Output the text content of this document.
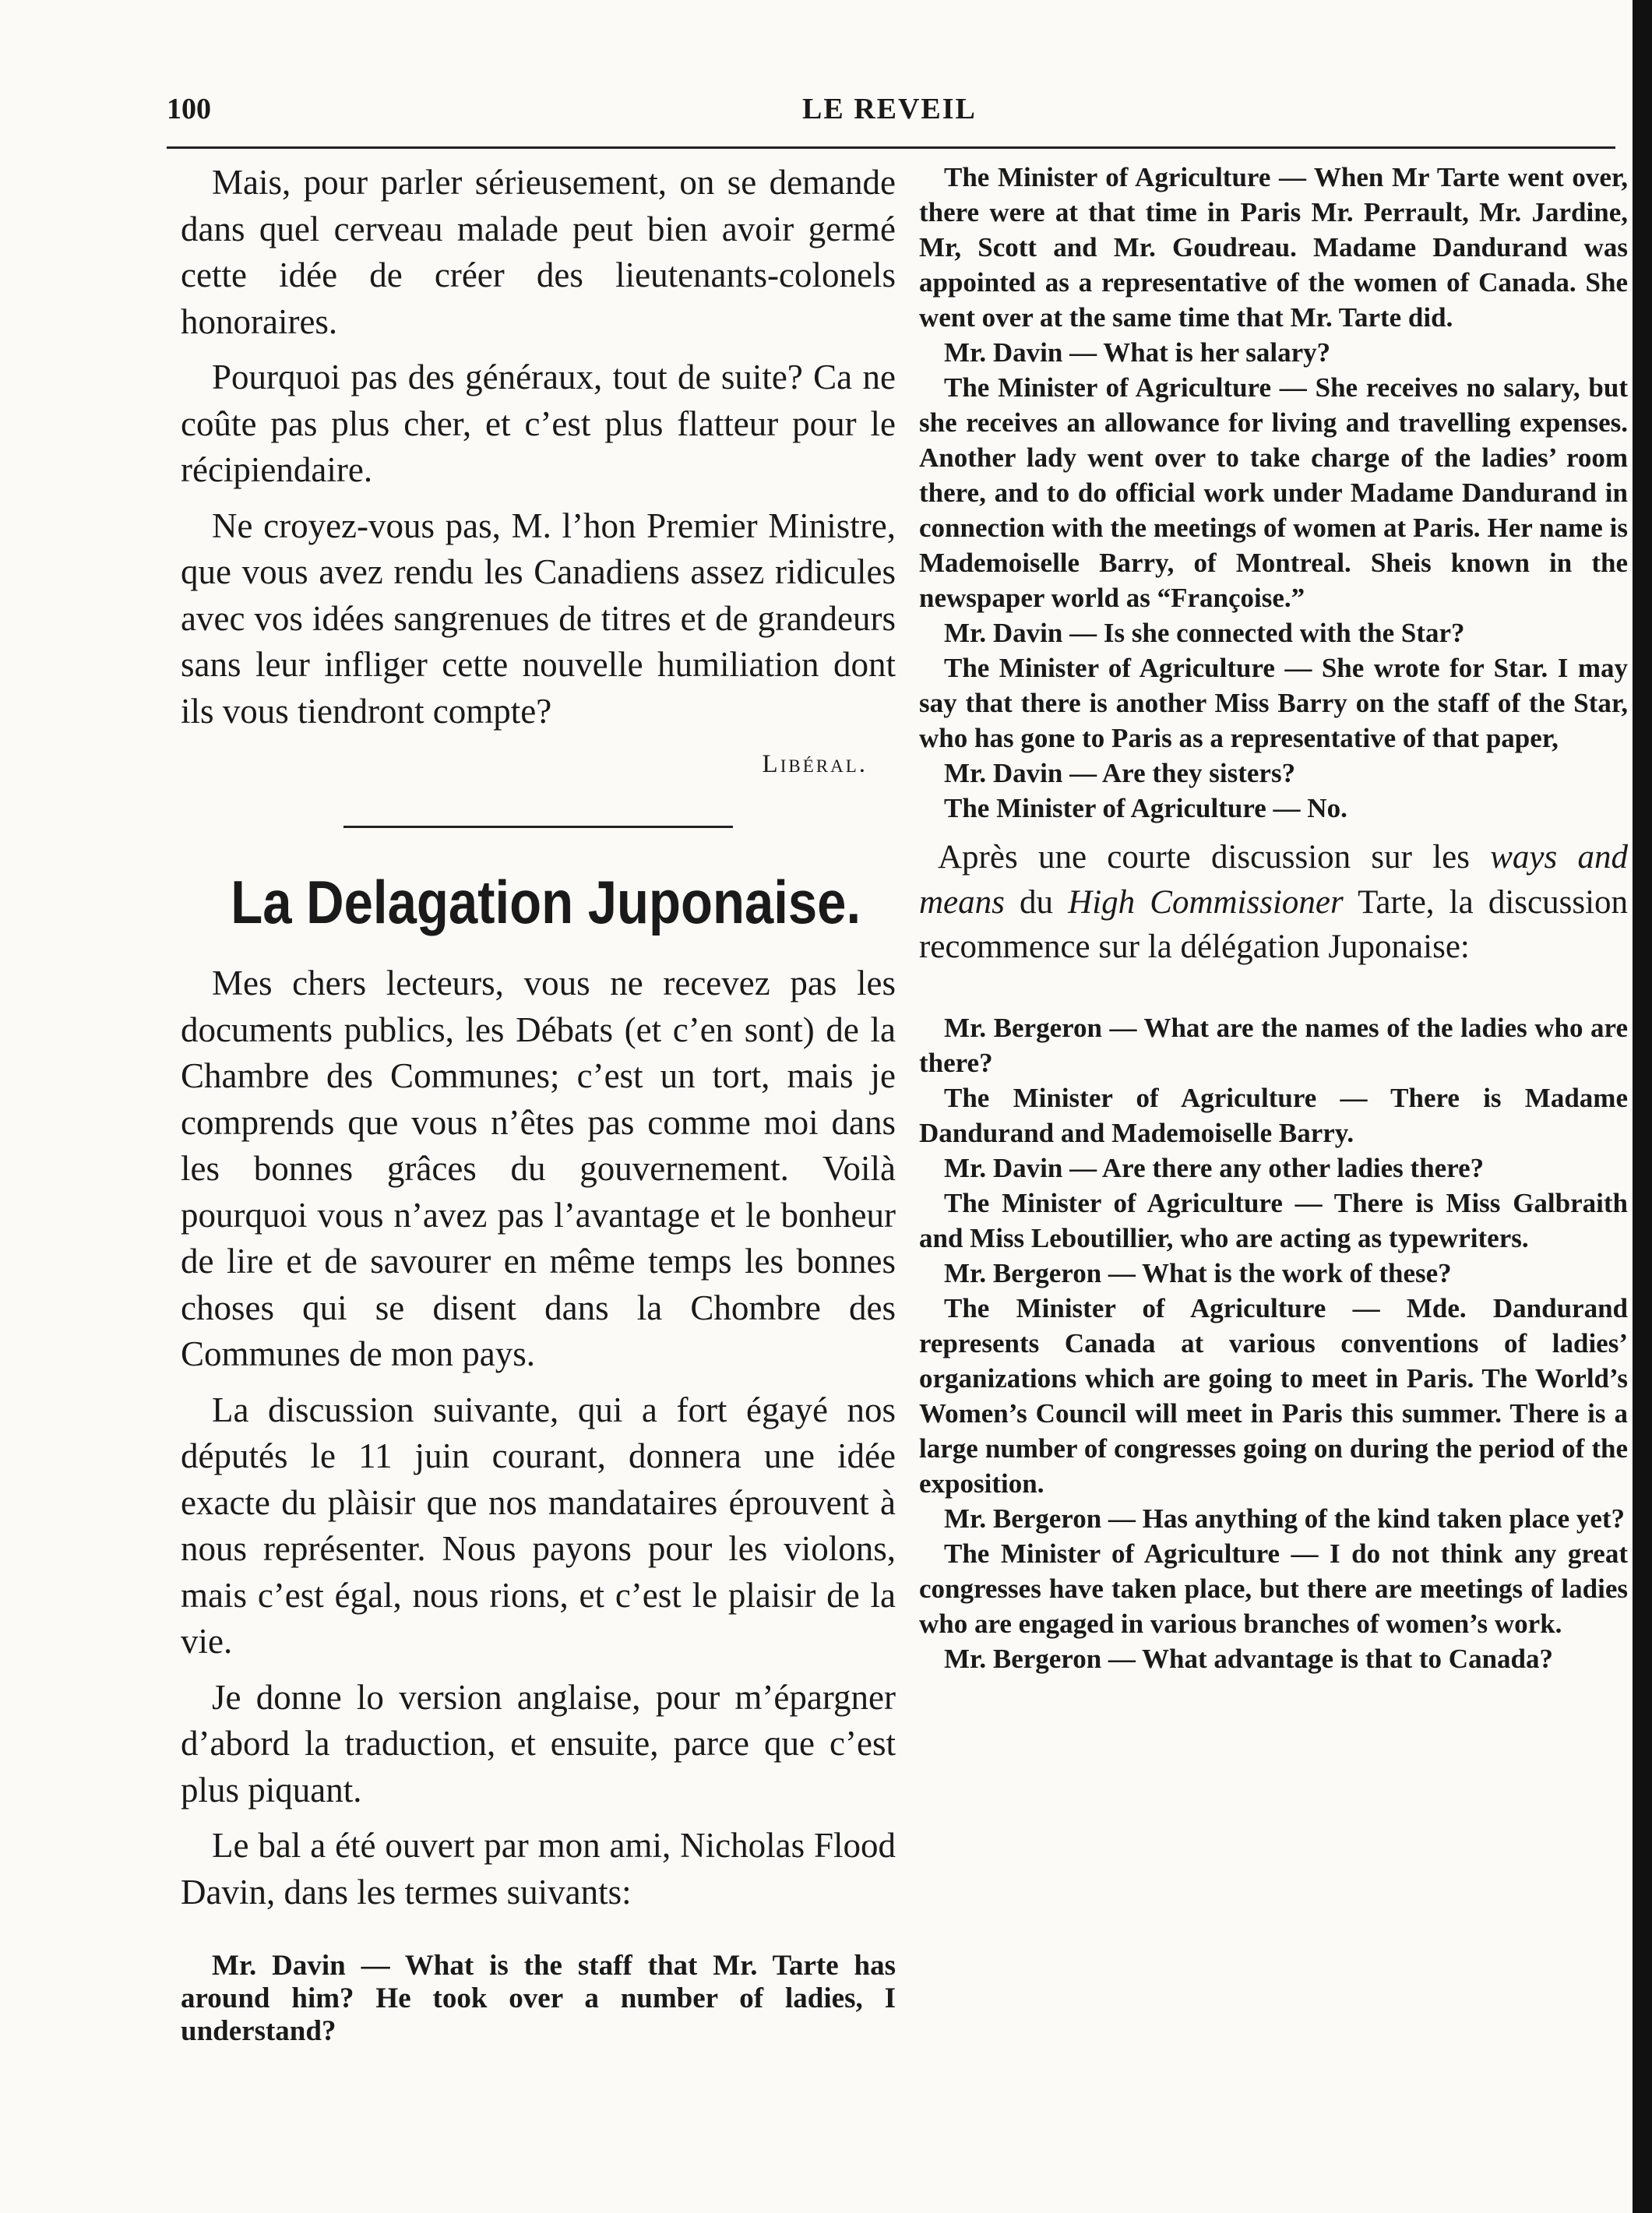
100	LE REVEIL

Mais, pour parler sérieusement, on se demande dans quel cerveau malade peut bien avoir germé cette idée de créer des lieutenants-colonels honoraires.

Pourquoi pas des généraux, tout de suite? Ca ne coûte pas plus cher, et c’est plus flatteur pour le récipiendaire.

Ne croyez-vous pas, M. l’hon Premier Ministre, que vous avez rendu les Canadiens assez ridicules avec vos idées sangrenues de titres et de grandeurs sans leur infliger cette nouvelle humiliation dont ils vous tiendront compte?

Libéral.
La Delagation Juponaise.

Mes chers lecteurs, vous ne recevez pas les documents publics, les Débats (et c’en sont) de la Chambre des Communes; c’est un tort, mais je comprends que vous n’êtes pas comme moi dans les bonnes grâces du gouvernement. Voilà pourquoi vous n’avez pas l’avantage et le bonheur de lire et de savourer en même temps les bonnes choses qui se disent dans la Chombre des Communes de mon pays.

La discussion suivante, qui a fort égayé nos députés le 11 juin courant, donnera une idée exacte du plàisir que nos mandataires éprouvent à nous représenter. Nous payons pour les violons, mais c’est égal, nous rions, et c’est le plaisir de la vie.

Je donne lo version anglaise, pour m’épargner d’abord la traduction, et ensuite, parce que c’est plus piquant.

Le bal a été ouvert par mon ami, Nicholas Flood Davin, dans les termes suivants:

Mr. Davin — What is the staff that Mr. Tarte has around him? He took over a number of ladies, I understand?

The Minister of Agriculture — When Mr Tarte went over, there were at that time in Paris Mr. Perrault, Mr. Jardine, Mr, Scott and Mr. Goudreau. Madame Dandurand was appointed as a representative of the women of Canada. She went over at the same time that Mr. Tarte did.

Mr. Davin — What is her salary?

The Minister of Agriculture — She receives no salary, but she receives an allowance for living and travelling expenses. Another lady went over to take charge of the ladies’ room there, and to do official work under Madame Dandurand in connection with the meetings of women at Paris. Her name is Mademoiselle Barry, of Montreal. Sheis known in the newspaper world as “Françoise.”

Mr. Davin — Is she connected with the Star?

The Minister of Agriculture — She wrote for Star. I may say that there is another Miss Barry on the staff of the Star, who has gone to Paris as a representative of that paper,

Mr. Davin — Are they sisters?

The Minister of Agriculture — No.

Après une courte discussion sur les ways and means du High Commissioner Tarte, la discussion recommence sur la délégation Juponaise:

Mr. Bergeron — What are the names of the ladies who are there?

The Minister of Agriculture — There is Madame Dandurand and Mademoiselle Barry.

Mr. Davin — Are there any other ladies there?

The Minister of Agriculture — There is Miss Galbraith and Miss Leboutillier, who are acting as typewriters.

Mr. Bergeron — What is the work of these?

The Minister of Agriculture — Mde. Dandurand represents Canada at various conventions of ladies’ organizations which are going to meet in Paris. The World’s Women’s Council will meet in Paris this summer. There is a large number of congresses going on during the period of the exposition.

Mr. Bergeron — Has anything of the kind taken place yet?

The Minister of Agriculture — I do not think any great congresses have taken place, but there are meetings of ladies who are engaged in various branches of women’s work.

Mr. Bergeron — What advantage is that to Canada?
